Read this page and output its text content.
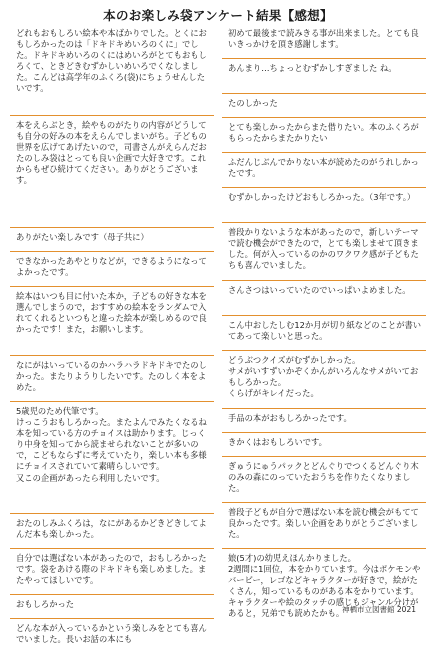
本のお楽しみ袋アンケート結果【感想】
どれもおもしろい絵本や本ばかりでした。とくにおもしろかったのは「ドキドキめいろのくに」でした。ドキドキめいろのくにはめいろがとてもおもしろくて、ときどきむずかしいめいろでくなしました。こんどは高学年のふくろ(袋)にちょうせんしたいです。
本をえらぶとき，絵やものがたりの内容がどうしても自分の好みの本をえらんでしまいがち。子どもの世界を広げてあげたいので，司書さんがえらんだおたのしみ袋はとっても良い企画で大好きです。これからもぜひ続けてください。ありがとうございます。
ありがたい楽しみです（母子共に）
できなかったあやとりなどが，できるようになってよかったです。
絵本はいつも目に付いた本か，子どもの好きな本を選んでしまうので，おすすめの絵本をランダムで入れてくれるといつもと違った絵本が楽しめるので良かったです！また，お願いします。
なにがはいっているのかハラハラドキドキでたのしかった。またりようりしたいです。たのしく本をよめた。
5歳児のため代筆です。
けっこうおもしろかった。またよんでみたくなるね
本を知っている方のチョイスは助かります。じっくり中身を知ってから読ませられないことが多いので，こどもならずに考えていたり，楽しい本も多様にチョイスされていて素晴らしいです。
又この企画があったら利用したいです。
おたのしみふくろは，なにがあるかどきどきしてよんだ本も楽しかった。
自分では選ばない本があったので，おもしろかったです。袋をあける際のドキドキも楽しめました。またやってほしいです。
おもしろかった
どんな本が入っているかという楽しみをとても喜んでいました。長いお話の本にも
初めて最後まで読みきる事が出来ました。とても良いきっかけを頂き感謝します。
あんまり…ちょっとむずかしすぎました ね。
たのしかった
とても楽しかったからまた借りたい。本のふくろがもらったからまたかりたい
ふだんじぶんでかりない本が読めたのがうれしかったです。
むずかしかったけどおもしろかった。（3年です。）
普段かりないような本があったので，新しいテーマで読む機会ができたので，とても楽しませて頂きました。何が入っているのかのワクワク感が子どもたちも喜んでいました。
さんさつはいっていたのでいっぱいよめました。
こん中おしたしむ12か月が切り紙などのことが書いてあって楽しいと思った。
どうぶつクイズがむずかしかった。
サメがいすずいかぞくかんがいろんなサメがいておもしろかった。
くらげがキレイだった。
手品の本がおもしろかったです。
きかくはおもしろいです。
ぎゅうにゅうパックとどんぐりでつくるどんぐり木のみの森にのっていたおうちを作りたくなりました。
普段子どもが自分で選ばない本を読む機会がもてて良かったです。楽しい企画をありがとうございました。
娘(5才)の幼児えほんかりました。
2週間に1回位，本をかりています。今はポケモンやバービー，レゴなどキャラクターが好きで，絵がたくさん，知っているものがある本をかりています。
キャラクターや絵のタッチの感じもジャンル分けがあると，兄弟でも読めたかも。
神栖市立図書館 2021
